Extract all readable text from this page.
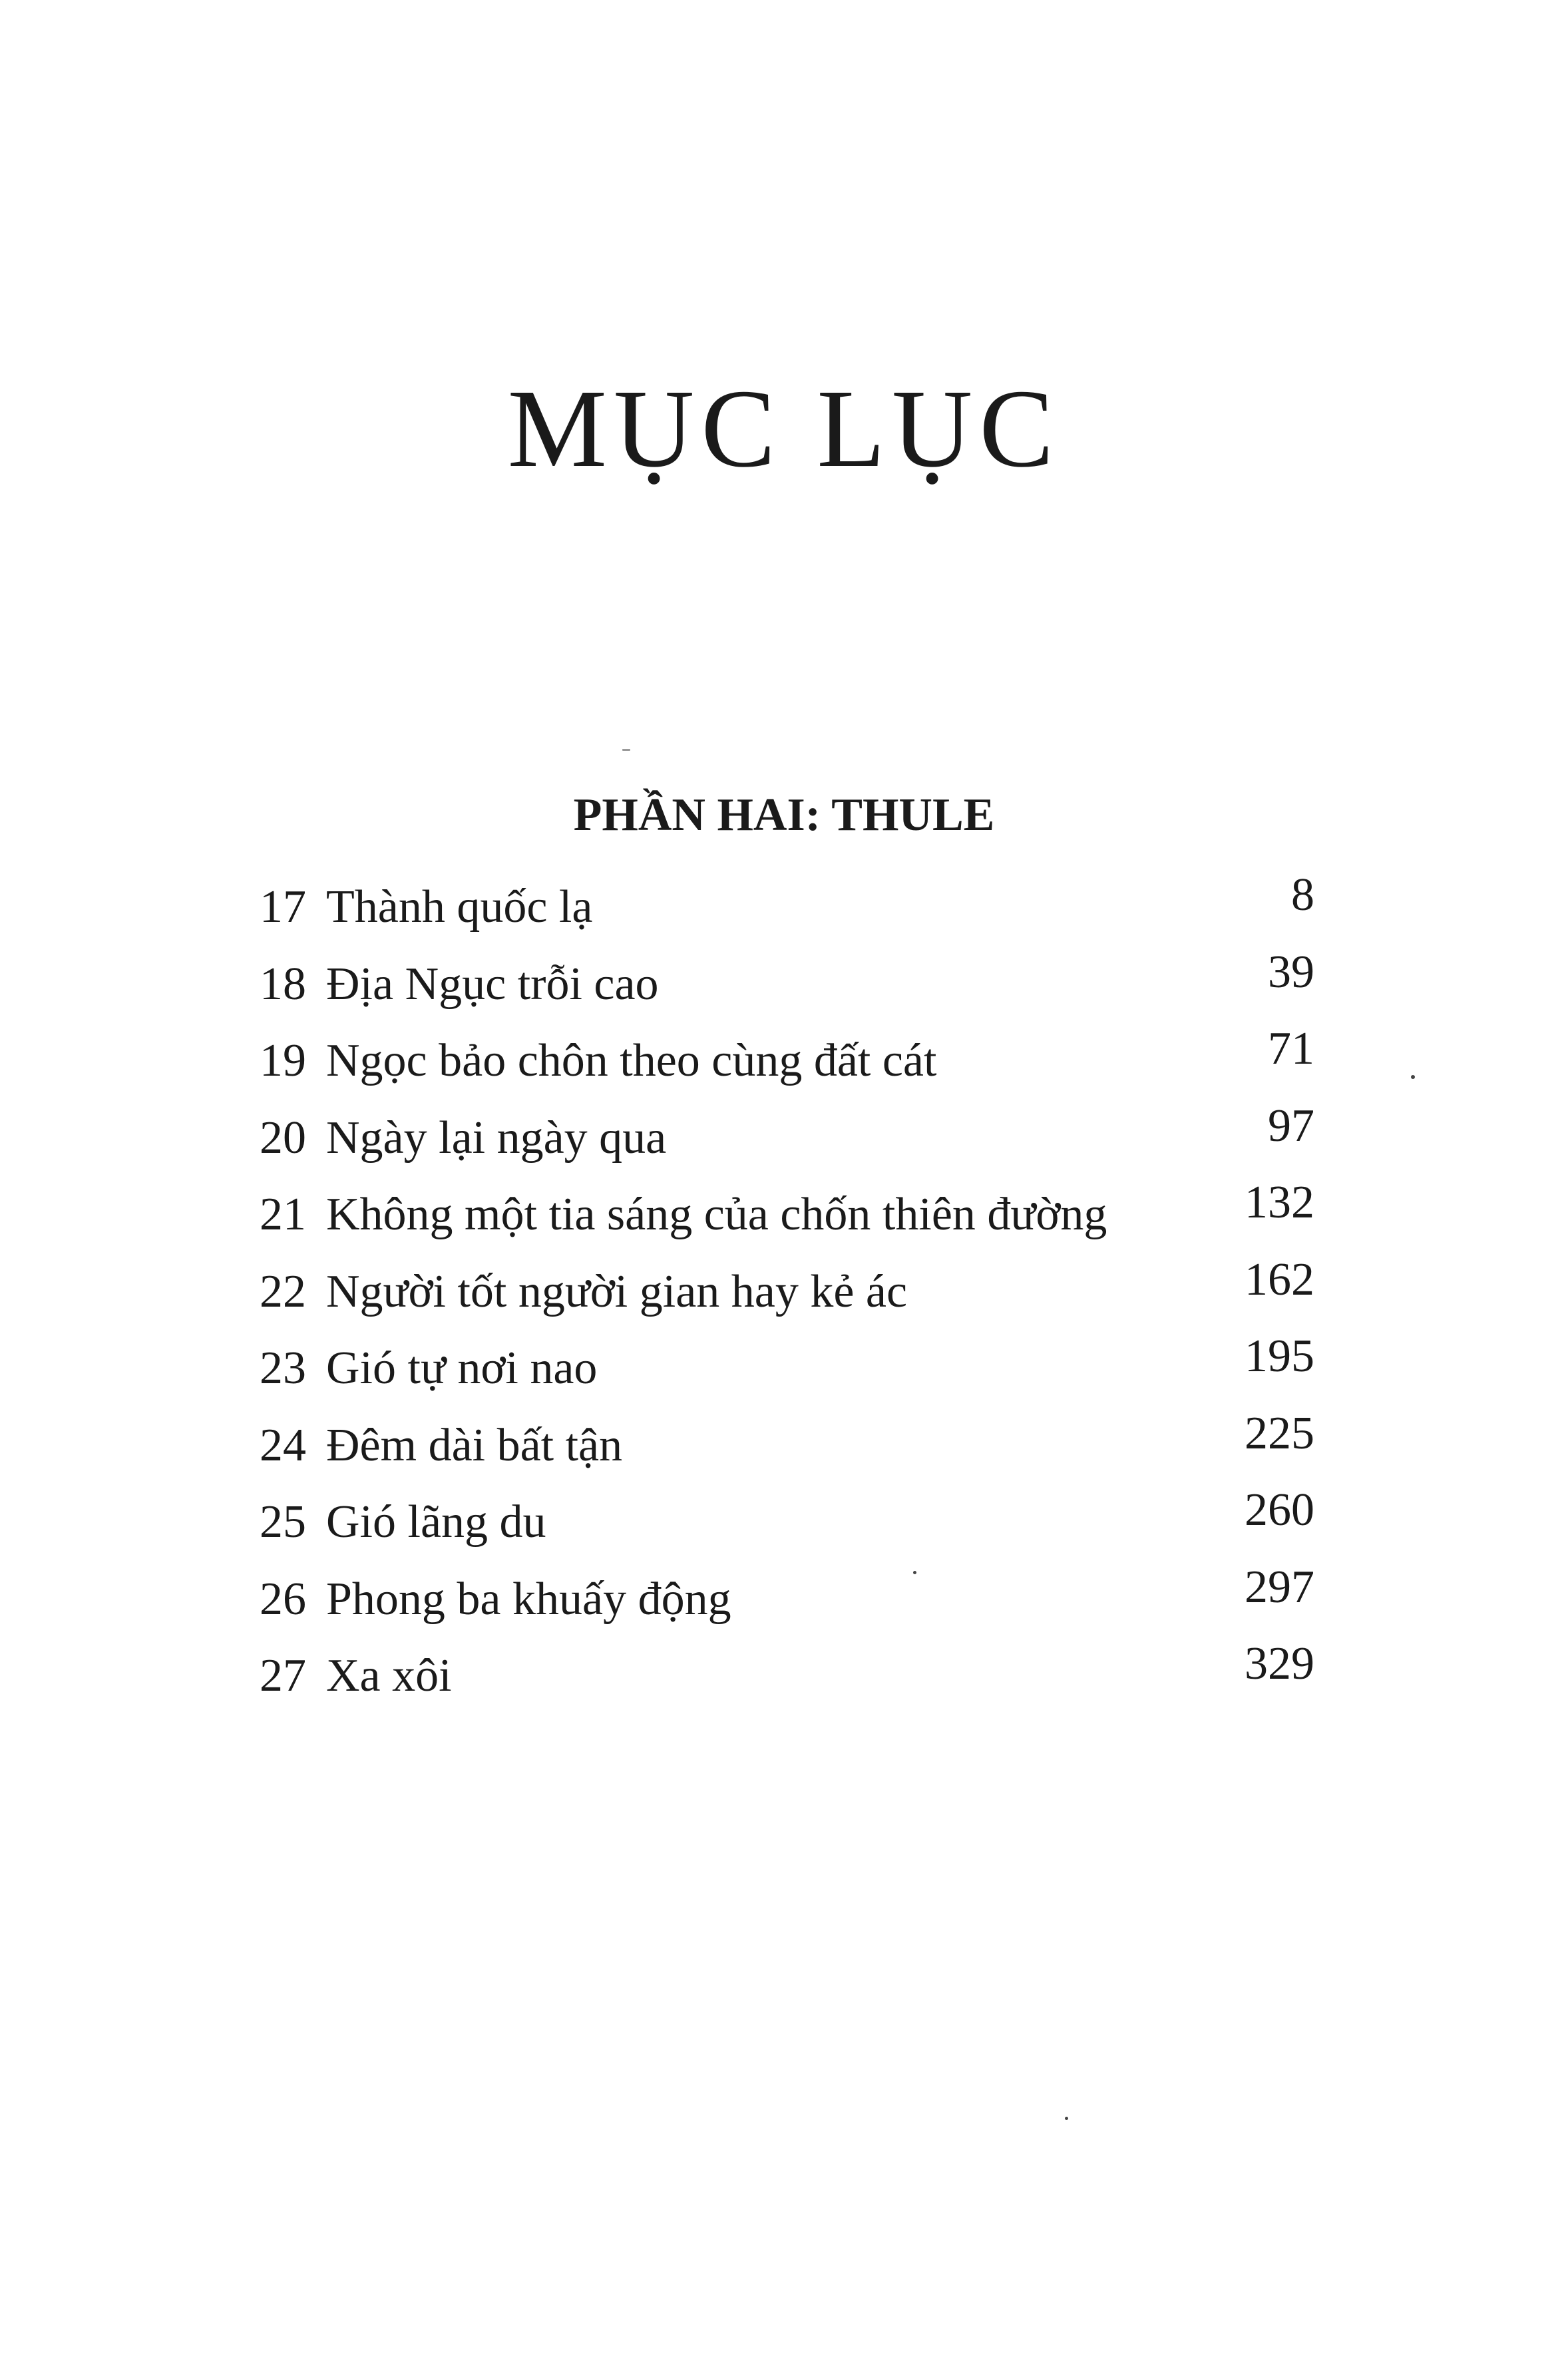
MỤC LỤC
PHẦN HAI: THULE
17 Thành quốc lạ	8
18 Địa Ngục trỗi cao	39
19 Ngọc bảo chôn theo cùng đất cát	71
20 Ngày lại ngày qua	97
21 Không một tia sáng của chốn thiên đường	132
22 Người tốt người gian hay kẻ ác	162
23 Gió tự nơi nao	195
24 Đêm dài bất tận	225
25 Gió lãng du	260
26 Phong ba khuấy động	297
27 Xa xôi	329
